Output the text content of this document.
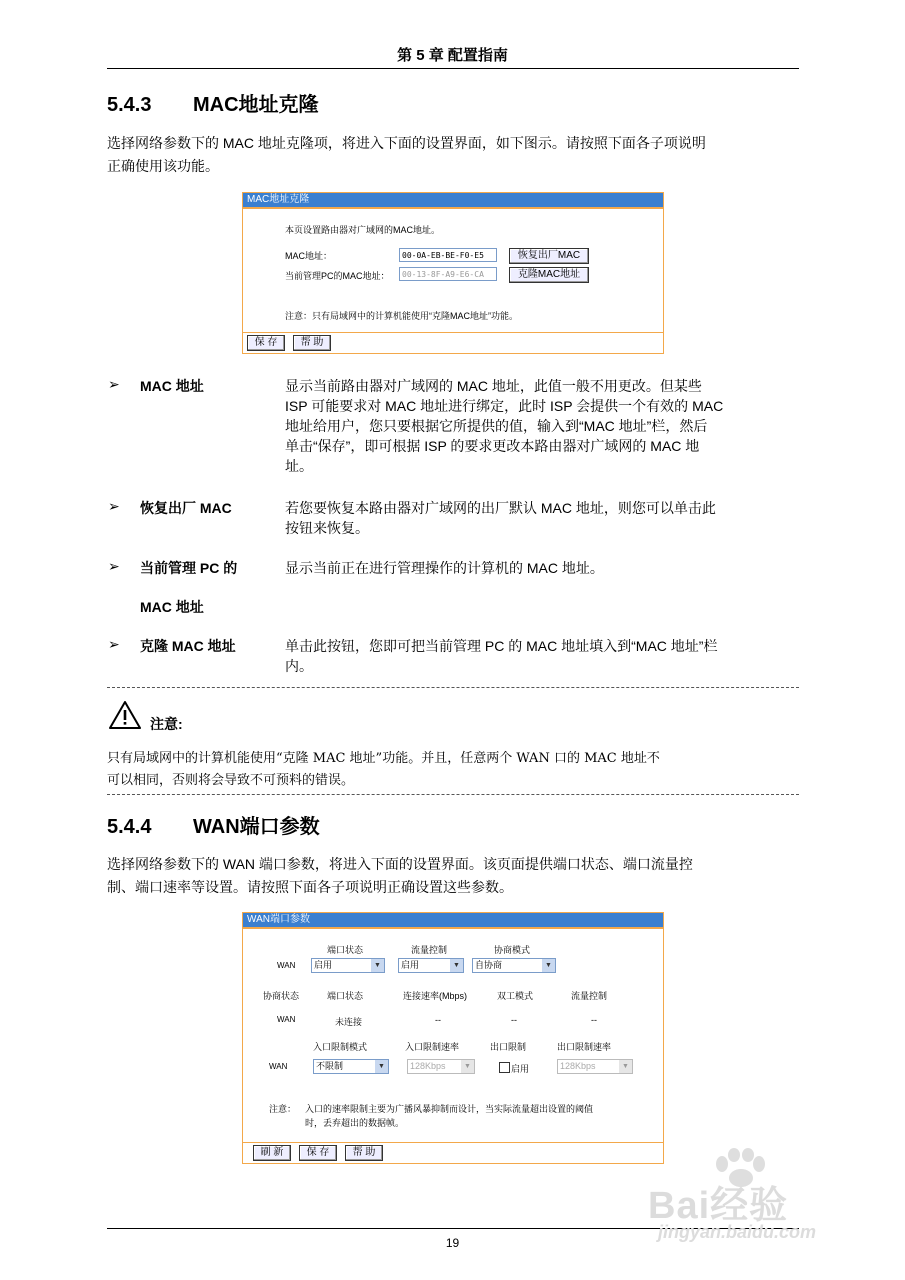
第 5 章 配置指南
5.4.3 MAC地址克隆
选择网络参数下的 MAC 地址克隆项，将进入下面的设置界面，如下图示。请按照下面各子项说明
正确使用该功能。
MAC地址克隆
本页设置路由器对广域网的MAC地址。
MAC地址：	00-0A-EB-BE-F0-E5	恢复出厂MAC
当前管理PC的MAC地址：	00-13-8F-A9-E6-CA	克隆MAC地址
注意：只有局域网中的计算机能使用“克隆MAC地址”功能。
保 存	帮 助
➢ MAC 地址	显示当前路由器对广域网的 MAC 地址，此值一般不用更改。但某些
ISP 可能要求对 MAC 地址进行绑定，此时 ISP 会提供一个有效的 MAC
地址给用户，您只要根据它所提供的值，输入到“MAC 地址”栏，然后
单击“保存”，即可根据 ISP 的要求更改本路由器对广域网的 MAC 地
址。
➢ 恢复出厂 MAC	若您要恢复本路由器对广域网的出厂默认 MAC 地址，则您可以单击此
按钮来恢复。
➢ 当前管理 PC 的
MAC 地址
显示当前正在进行管理操作的计算机的 MAC 地址。
➢ 克隆 MAC 地址	单击此按钮，您即可把当前管理 PC 的 MAC 地址填入到“MAC 地址”栏
内。
注意:
只有局域网中的计算机能使用“克隆 MAC 地址”功能。并且，任意两个 WAN 口的 MAC 地址不
可以相同，否则将会导致不可预料的错误。
5.4.4 WAN端口参数
选择网络参数下的 WAN 端口参数，将进入下面的设置界面。该页面提供端口状态、端口流量控
制、端口速率等设置。请按照下面各子项说明正确设置这些参数。
WAN端口参数
端口状态	流量控制	协商模式
WAN	启用	▼	启用	▼	自协商	▼
协商状态	端口状态	连接速率(Mbps)	双工模式	流量控制
WAN	未连接	--	--	--
入口限制模式	入口限制速率	出口限制	出口限制速率
WAN	不限制	▼	128Kbps	▼	启用	128Kbps	▼
注意： 入口的速率限制主要为广播风暴抑制而设计，当实际流量超出设置的阈值
时，丢弃超出的数据帧。
刷 新	保 存	帮 助
19
Bai经验
jingyan.baidu.com
